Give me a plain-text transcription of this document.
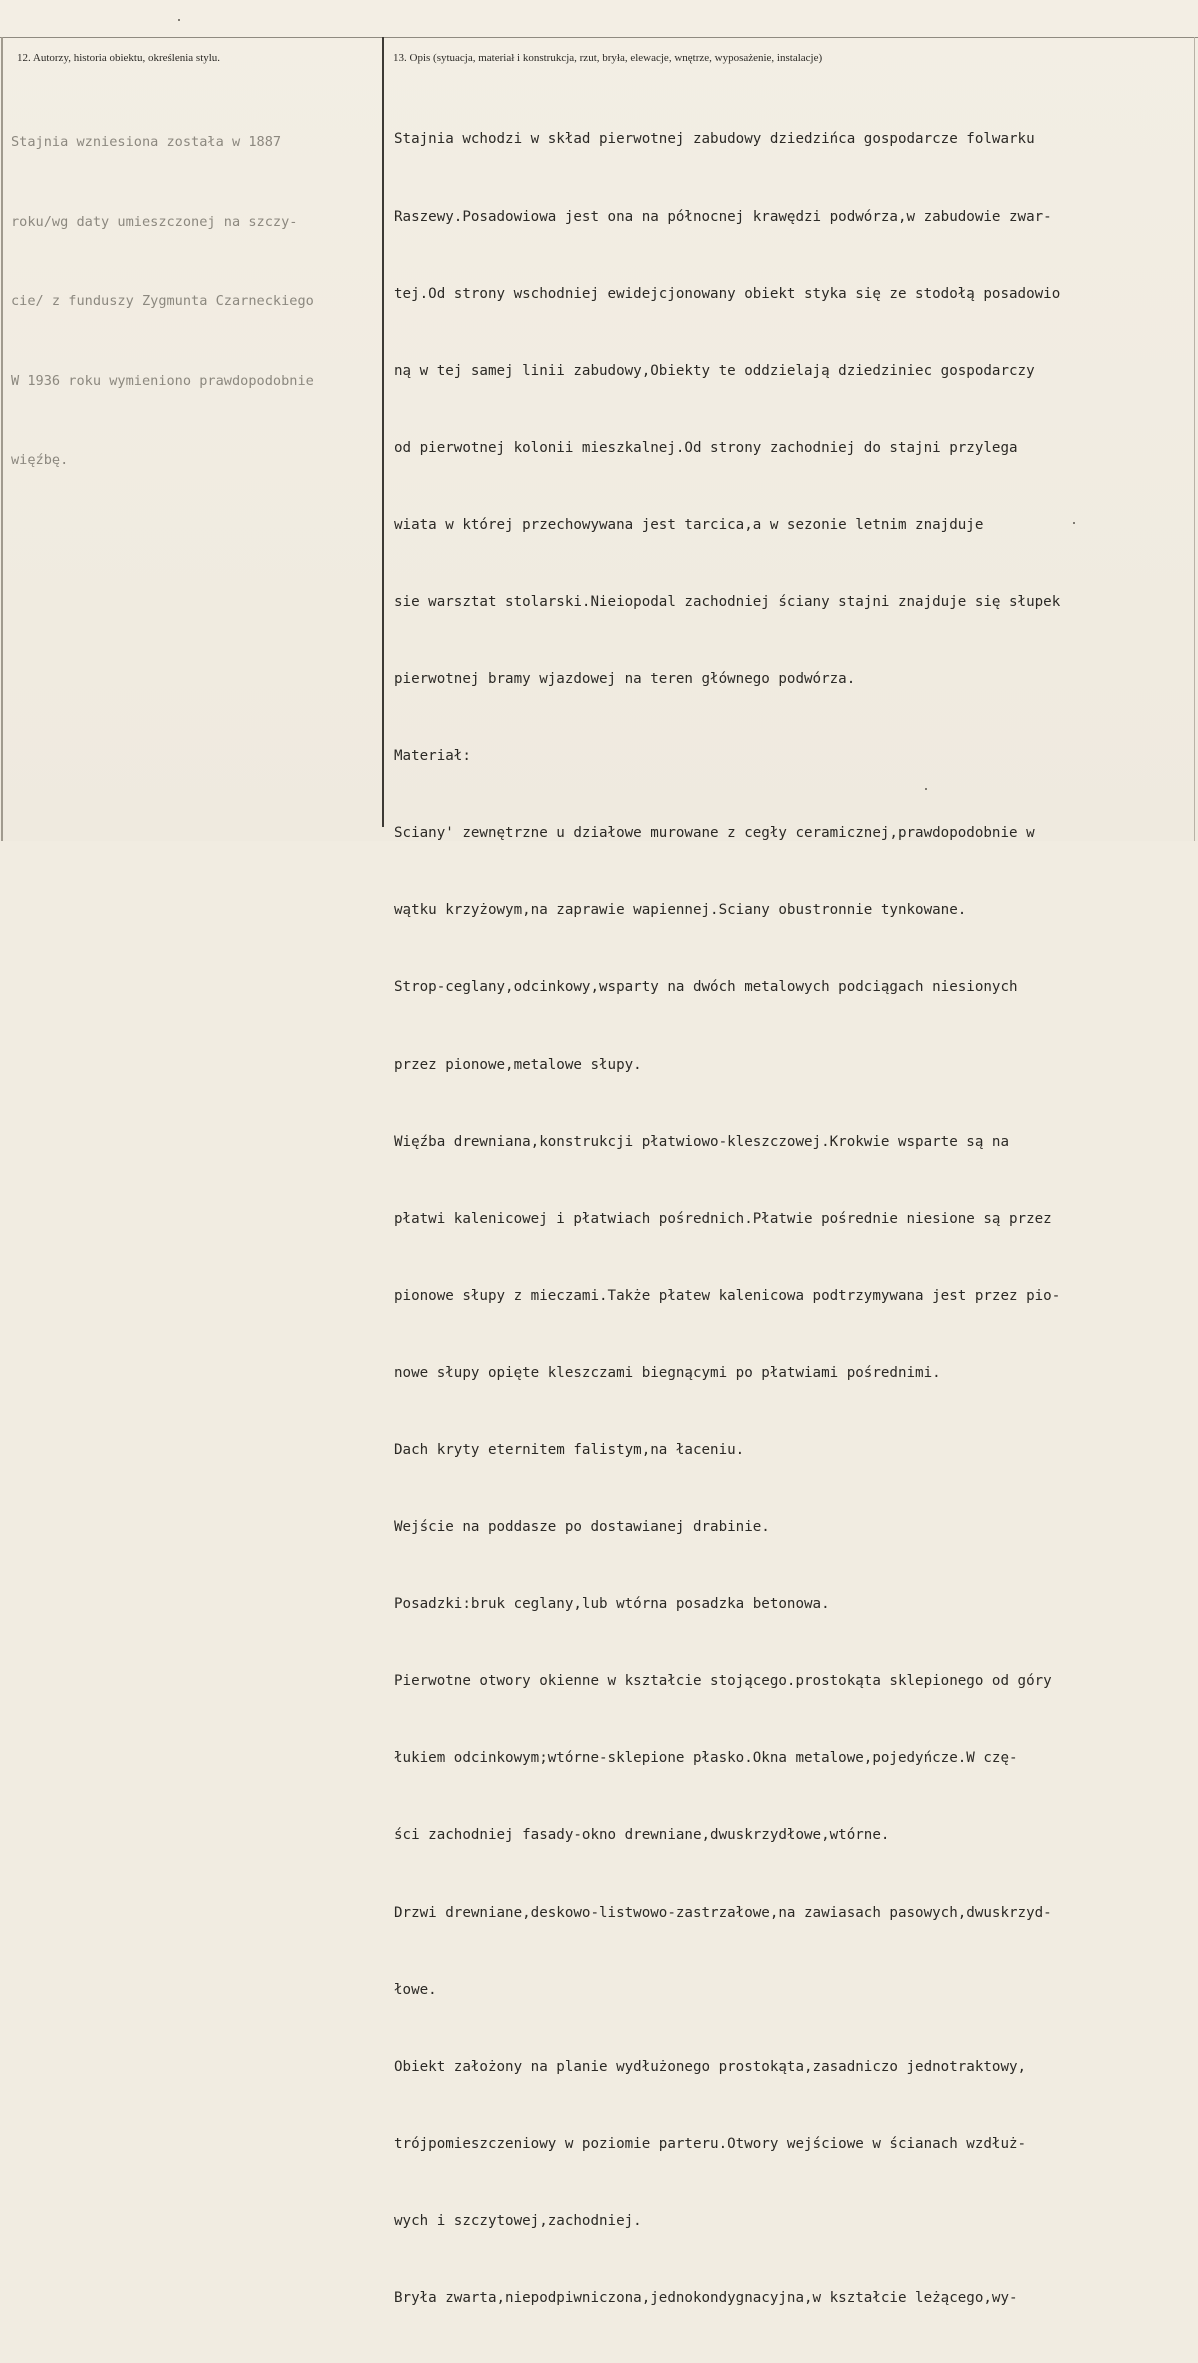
12. Autorzy, historia obiektu, określenia stylu.	13. Opis (sytuacja, materiał i konstrukcja, rzut, bryła, elewacje, wnętrze, wyposażenie, instalacje)

Stajnia wzniesiona została w 1887

roku/wg daty umieszczonej na szczy-

cie/ z funduszy Zygmunta Czarneckiego

W 1936 roku wymieniono prawdopodobnie

więźbę.

Stajnia wchodzi w skład pierwotnej zabudowy dziedzińca gospodarcze folwarku

Raszewy.Posadowiowa jest ona na północnej krawędzi podwórza,w zabudowie zwar-

tej.Od strony wschodniej ewidejcjonowany obiekt styka się ze stodołą posadowio

ną w tej samej linii zabudowy,Obiekty te oddzielają dziedziniec gospodarczy

od pierwotnej kolonii mieszkalnej.Od strony zachodniej do stajni przylega

wiata w której przechowywana jest tarcica,a w sezonie letnim znajduje

sie warsztat stolarski.Nieiopodal zachodniej ściany stajni znajduje się słupek

pierwotnej bramy wjazdowej na teren głównego podwórza.

Materiał:

Sciany' zewnętrzne u działowe murowane z cegły ceramicznej,prawdopodobnie w

wątku krzyżowym,na zaprawie wapiennej.Sciany obustronnie tynkowane.

Strop-ceglany,odcinkowy,wsparty na dwóch metalowych podciągach niesionych

przez pionowe,metalowe słupy.

Więźba drewniana,konstrukcji płatwiowo-kleszczowej.Krokwie wsparte są na

płatwi kalenicowej i płatwiach pośrednich.Płatwie pośrednie niesione są przez

pionowe słupy z mieczami.Także płatew kalenicowa podtrzymywana jest przez pio-

nowe słupy opięte kleszczami biegnącymi po płatwiami pośrednimi.

Dach kryty eternitem falistym,na łaceniu.

Wejście na poddasze po dostawianej drabinie.

Posadzki:bruk ceglany,lub wtórna posadzka betonowa.

Pierwotne otwory okienne w kształcie stojącego.prostokąta sklepionego od góry

łukiem odcinkowym;wtórne-sklepione płasko.Okna metalowe,pojedyńcze.W czę-

ści zachodniej fasady-okno drewniane,dwuskrzydłowe,wtórne.

Drzwi drewniane,deskowo-listwowo-zastrzałowe,na zawiasach pasowych,dwuskrzyd-

łowe.

Obiekt założony na planie wydłużonego prostokąta,zasadniczo jednotraktowy,

trójpomieszczeniowy w poziomie parteru.Otwory wejściowe w ścianach wzdłuż-

wych i szczytowej,zachodniej.

Bryła zwarta,niepodpiwniczona,jednokondygnacyjna,w kształcie leżącego,wy-
